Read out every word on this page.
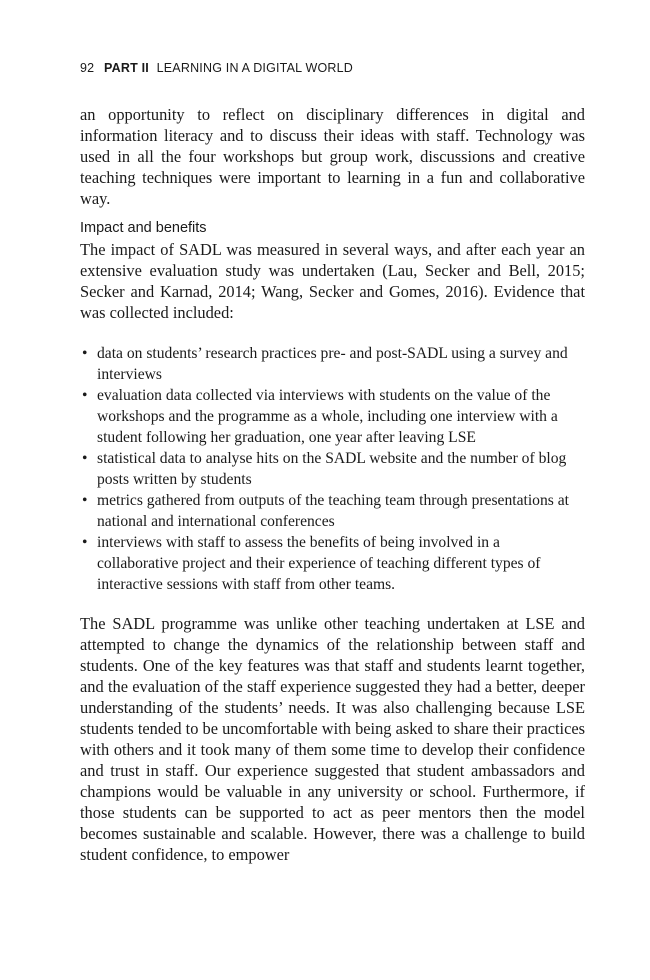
92 PART II LEARNING IN A DIGITAL WORLD

an opportunity to reflect on disciplinary differences in digital and information literacy and to discuss their ideas with staff. Technology was used in all the four workshops but group work, discussions and creative teaching techniques were important to learning in a fun and collaborative way.

Impact and benefits

The impact of SADL was measured in several ways, and after each year an extensive evaluation study was undertaken (Lau, Secker and Bell, 2015; Secker and Karnad, 2014; Wang, Secker and Gomes, 2016). Evidence that was collected included:

• data on students’ research practices pre- and post-SADL using a survey and interviews
• evaluation data collected via interviews with students on the value of the workshops and the programme as a whole, including one interview with a student following her graduation, one year after leaving LSE
• statistical data to analyse hits on the SADL website and the number of blog posts written by students
• metrics gathered from outputs of the teaching team through presentations at national and international conferences
• interviews with staff to assess the benefits of being involved in a collaborative project and their experience of teaching different types of interactive sessions with staff from other teams.

The SADL programme was unlike other teaching undertaken at LSE and attempted to change the dynamics of the relationship between staff and students. One of the key features was that staff and students learnt together, and the evaluation of the staff experience suggested they had a better, deeper understanding of the students’ needs. It was also challenging because LSE students tended to be uncomfortable with being asked to share their practices with others and it took many of them some time to develop their confidence and trust in staff. Our experience suggested that student ambassadors and champions would be valuable in any university or school. Furthermore, if those students can be supported to act as peer mentors then the model becomes sustainable and scalable. However, there was a challenge to build student confidence, to empower
